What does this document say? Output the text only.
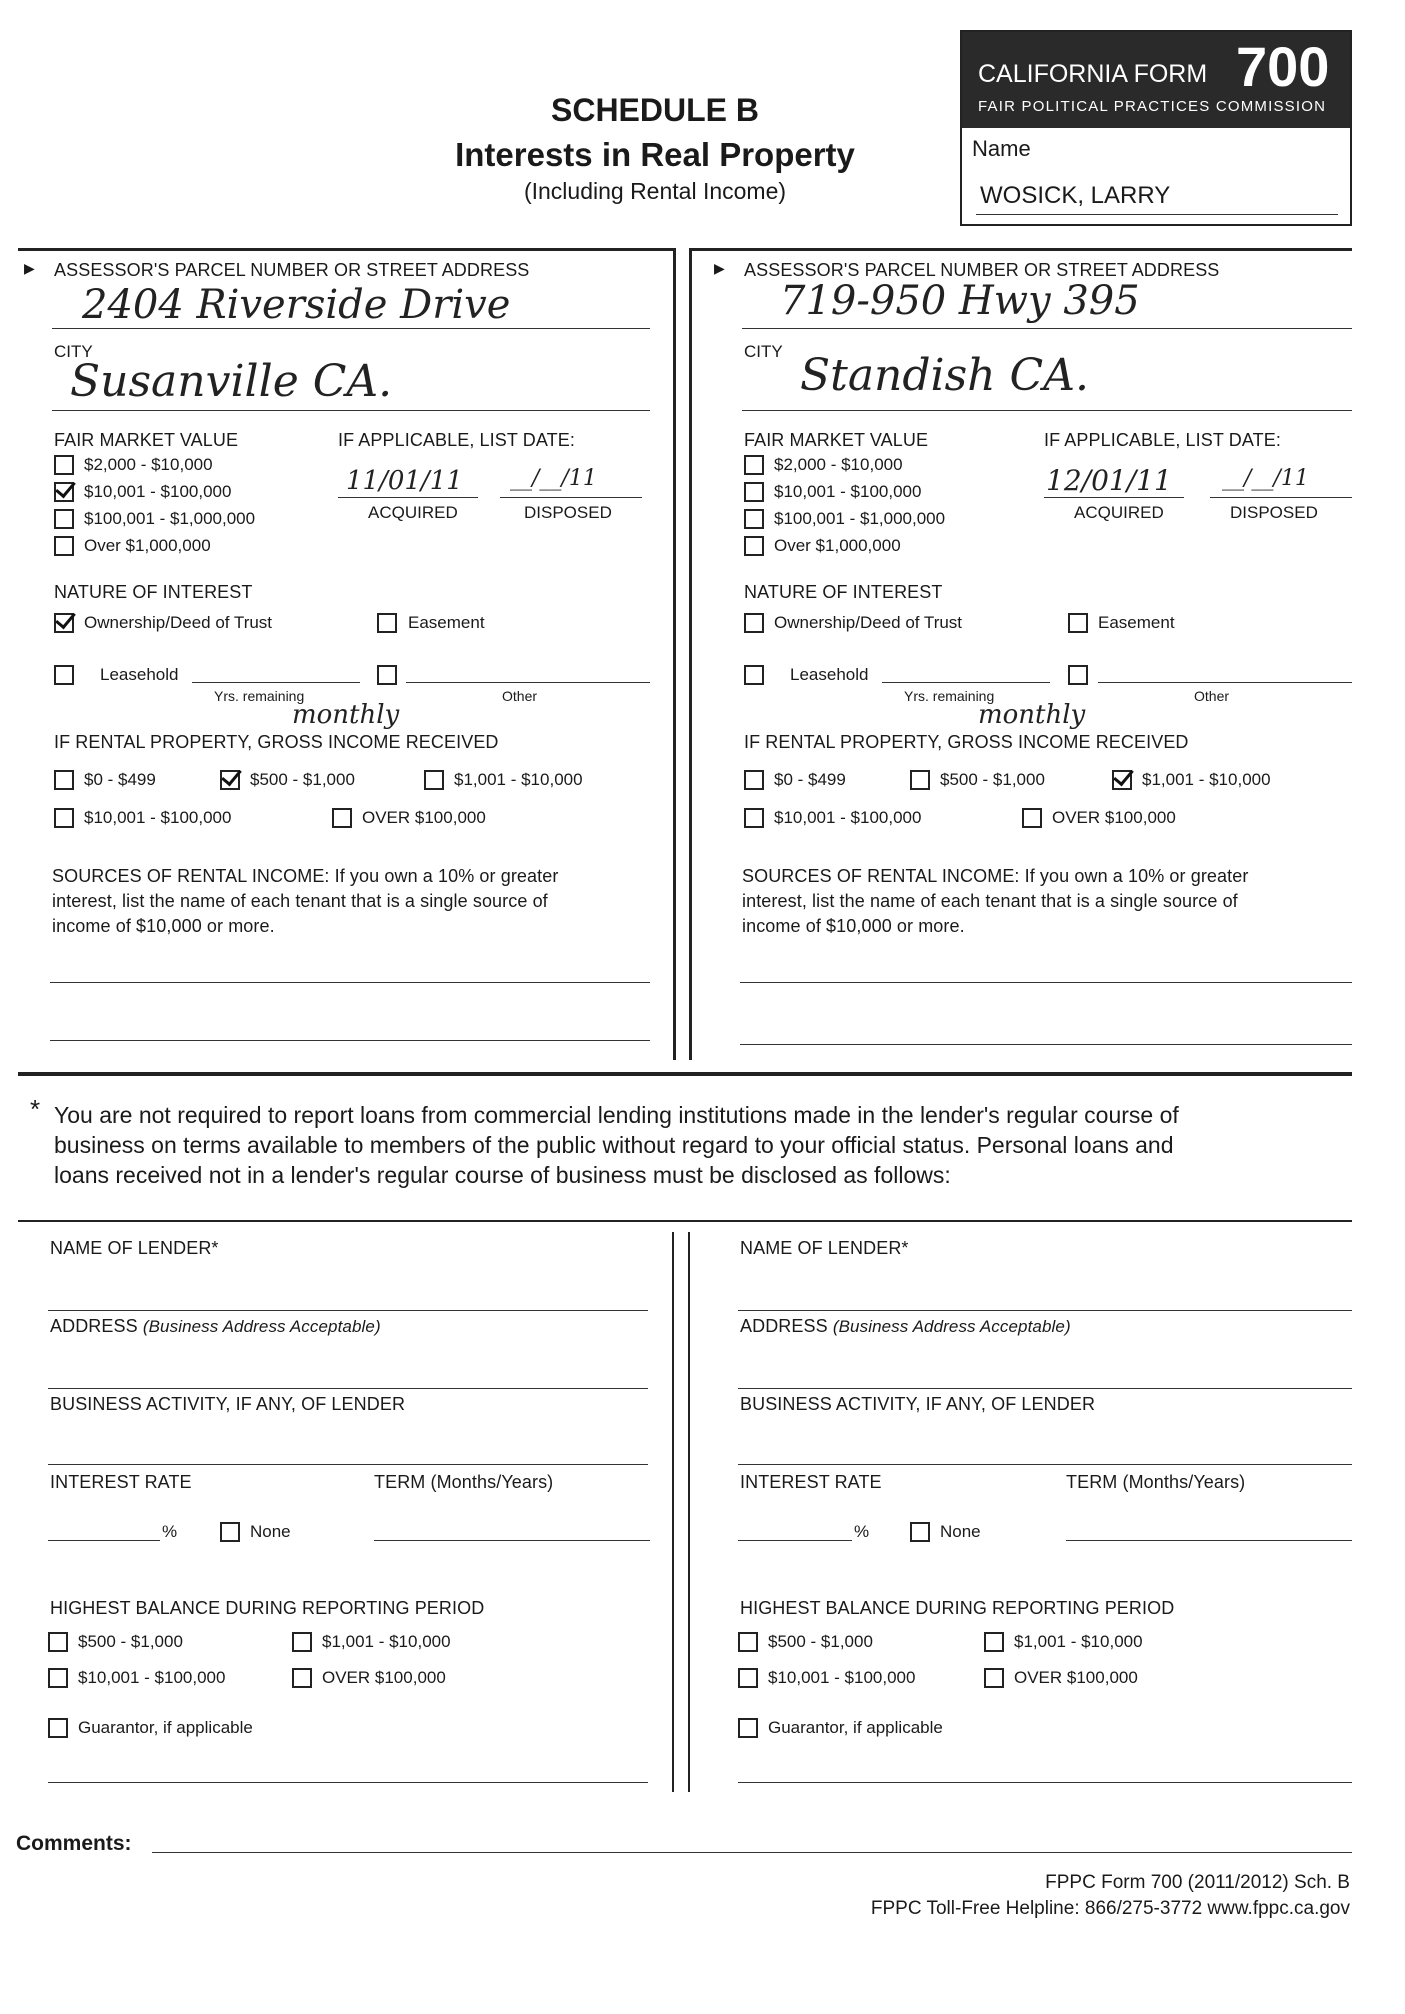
SCHEDULE B
Interests in Real Property
(Including Rental Income)
CALIFORNIA FORM 700
FAIR POLITICAL PRACTICES COMMISSION
Name
WOSICK, LARRY
▶ ASSESSOR'S PARCEL NUMBER OR STREET ADDRESS
2404 Riverside Drive
CITY
Susanville CA.
FAIR MARKET VALUE	IF APPLICABLE, LIST DATE:
$2,000 - $10,000
$10,001 - $100,000
$100,001 - $1,000,000
Over $1,000,000
11/01/11 __/__/11
ACQUIRED	DISPOSED
NATURE OF INTEREST
Ownership/Deed of Trust	Easement
Leasehold
Yrs. remaining	Other
monthly
IF RENTAL PROPERTY, GROSS INCOME RECEIVED
$0 - $499	$500 - $1,000	$1,001 - $10,000
$10,001 - $100,000	OVER $100,000
SOURCES OF RENTAL INCOME: If you own a 10% or greater
interest, list the name of each tenant that is a single source of
income of $10,000 or more.
▶ ASSESSOR'S PARCEL NUMBER OR STREET ADDRESS
719-950 Hwy 395
CITY Standish CA.
FAIR MARKET VALUE	IF APPLICABLE, LIST DATE:
$2,000 - $10,000
$10,001 - $100,000
$100,001 - $1,000,000
Over $1,000,000
12/01/11 __/__/11
ACQUIRED	DISPOSED
NATURE OF INTEREST
Ownership/Deed of Trust	Easement
Leasehold
Yrs. remaining	Other
monthly
IF RENTAL PROPERTY, GROSS INCOME RECEIVED
$0 - $499	$500 - $1,000	$1,001 - $10,000
$10,001 - $100,000	OVER $100,000
SOURCES OF RENTAL INCOME: If you own a 10% or greater
interest, list the name of each tenant that is a single source of
income of $10,000 or more.
* You are not required to report loans from commercial lending institutions made in the lender's regular course of
business on terms available to members of the public without regard to your official status. Personal loans and
loans received not in a lender's regular course of business must be disclosed as follows:
NAME OF LENDER*
ADDRESS (Business Address Acceptable)
BUSINESS ACTIVITY, IF ANY, OF LENDER
INTEREST RATE	TERM (Months/Years)
%	None
HIGHEST BALANCE DURING REPORTING PERIOD
$500 - $1,000	$1,001 - $10,000
$10,001 - $100,000	OVER $100,000
Guarantor, if applicable
NAME OF LENDER*
ADDRESS (Business Address Acceptable)
BUSINESS ACTIVITY, IF ANY, OF LENDER
INTEREST RATE	TERM (Months/Years)
%	None
HIGHEST BALANCE DURING REPORTING PERIOD
$500 - $1,000	$1,001 - $10,000
$10,001 - $100,000	OVER $100,000
Guarantor, if applicable
Comments:
FPPC Form 700 (2011/2012) Sch. B
FPPC Toll-Free Helpline: 866/275-3772 www.fppc.ca.gov
